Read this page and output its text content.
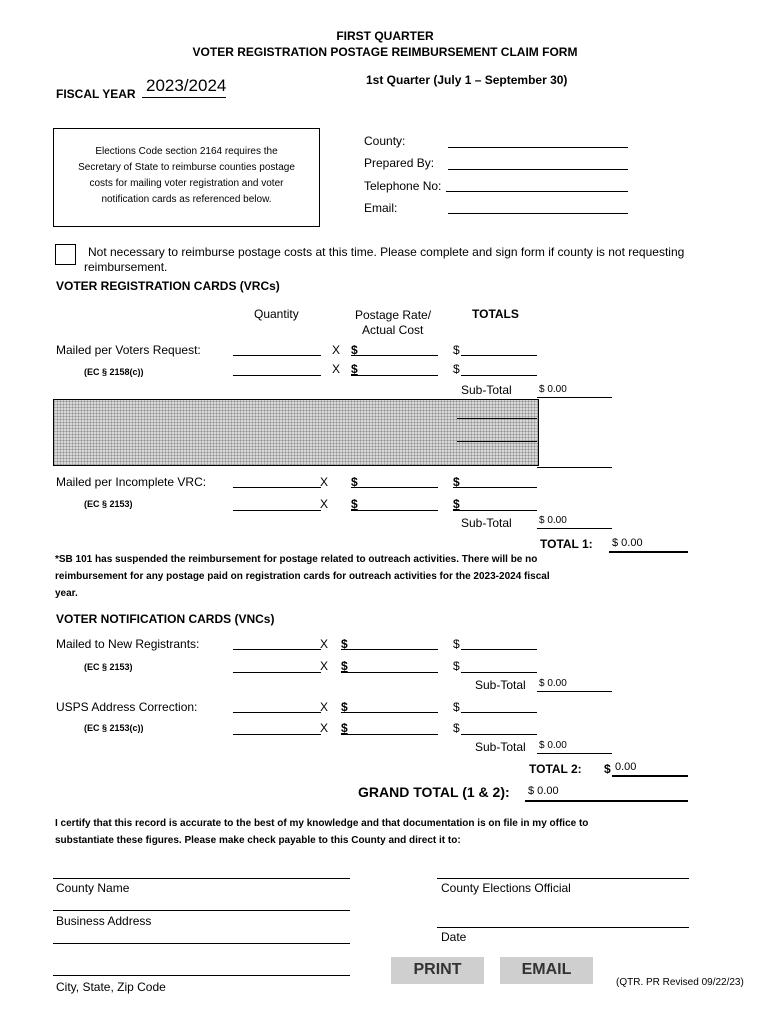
FIRST QUARTER
VOTER REGISTRATION POSTAGE REIMBURSEMENT CLAIM FORM
FISCAL YEAR 2023/2024	1st Quarter (July 1 – September 30)
Elections Code section 2164 requires the
Secretary of State to reimburse counties postage
costs for mailing voter registration and voter
notification cards as referenced below.
County:
Prepared By:
Telephone No:
Email:
Not necessary to reimburse postage costs at this time. Please complete and sign form if county is not requesting
reimbursement.
VOTER REGISTRATION CARDS (VRCs)
Quantity	Postage Rate/
Actual Cost
TOTALS
Mailed per Voters Request:	X $	$
(EC § 2158(c))	X $	$
Sub-Total	$ 0.00
Mailed per Incomplete VRC:	X $	$
(EC § 2153)	X $	$
Sub-Total	$ 0.00
TOTAL 1: $ 0.00
*SB 101 has suspended the reimbursement for postage related to outreach activities. There will be no
reimbursement for any postage paid on registration cards for outreach activities for the 2023-2024 fiscal
year.
VOTER NOTIFICATION CARDS (VNCs)
Mailed to New Registrants:	X $	$
(EC § 2153)	X $	$
Sub-Total $ 0.00
USPS Address Correction:	X $	$
(EC § 2153(c))	X $	$
Sub-Total $ 0.00
TOTAL 2: $ 0.00
GRAND TOTAL (1 & 2): $ 0.00
I certify that this record is accurate to the best of my knowledge and that documentation is on file in my office to
substantiate these figures. Please make check payable to this County and direct it to:
County Name	County Elections Official
Business Address
Date
City, State, Zip Code
PRINT	EMAIL
(QTR. PR Revised 09/22/23)
